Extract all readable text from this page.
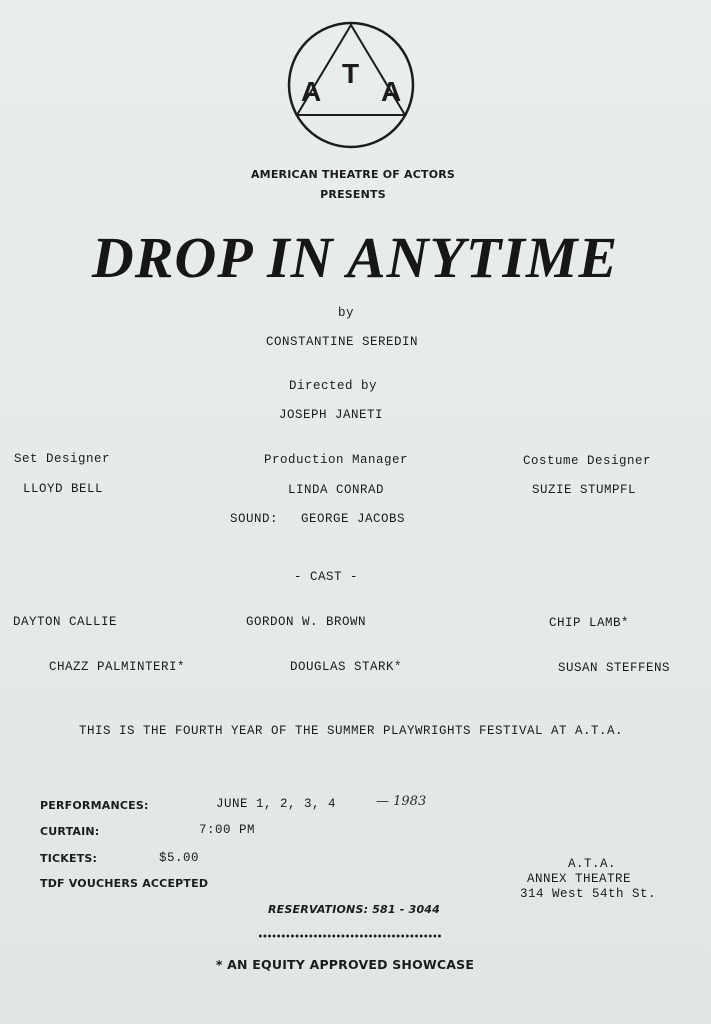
A
T
A
AMERICAN THEATRE OF ACTORS
PRESENTS
DROP IN ANYTIME
by
CONSTANTINE SEREDIN
Directed by
JOSEPH JANETI
Set Designer
LLOYD BELL
Production Manager
LINDA CONRAD
Costume Designer
SUZIE STUMPFL
SOUND: GEORGE JACOBS
- CAST -
DAYTON CALLIE	GORDON W. BROWN	CHIP LAMB*
CHAZZ PALMINTERI*	DOUGLAS STARK*	SUSAN STEFFENS
THIS IS THE FOURTH YEAR OF THE SUMMER PLAYWRIGHTS FESTIVAL AT A.T.A.
PERFORMANCES:	JUNE 1, 2, 3, 4	— 1983
CURTAIN:	7:00 PM
TICKETS:	$5.00
TDF VOUCHERS ACCEPTED
A.T.A.
ANNEX THEATRE
314 West 54th St.
RESERVATIONS: 581 - 3044
* AN EQUITY APPROVED SHOWCASE
